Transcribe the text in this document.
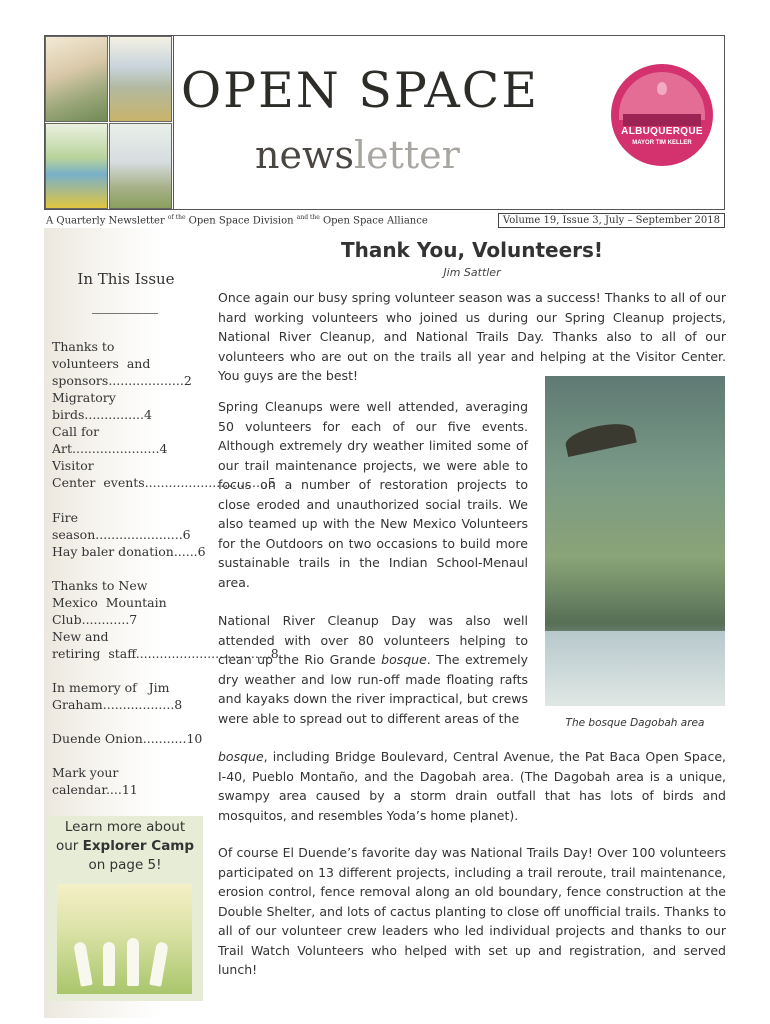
OPEN SPACE
newsletter
ALBUQUERQUE
MAYOR TIM KELLER
A Quarterly Newsletter $^{of the}$ Open Space Division $^{and the}$ Open Space Alliance	Volume 19, Issue 3, July – September 2018
In This Issue
Thanks to volunteers  and sponsors...................2
Migratory birds...............4
Call for Art......................4
Visitor Center  events...............................5
Fire season......................6
Hay baler donation......6
Thanks to New Mexico  Mountain Club............7
New and retiring  staff..................................8
In memory of   Jim Graham..................8
Duende Onion...........10
Mark your calendar....11
Learn more about
our Explorer Camp
on page 5!
Thank You, Volunteers!
Jim Sattler
Once again our busy spring volunteer season was a success! Thanks to all of our hard working volunteers who joined us during our Spring Cleanup projects, National River Cleanup, and National Trails Day. Thanks also to all of our volunteers who are out on the trails all year and helping at the Visitor Center. You guys are the best!
Spring Cleanups were well attended, averaging 50 volunteers for each of our five events. Although extremely dry weather limited some of our trail maintenance projects, we were able to focus on a number of restoration projects to close eroded and unauthorized social trails. We also teamed up with the New Mexico Volunteers for the Outdoors on two occasions to build more sustainable trails in the Indian School-Menaul area.
National River Cleanup Day was also well attended with over 80 volunteers helping to clean up the Rio Grande bosque. The extremely dry weather and low run-off made floating rafts and kayaks down the river impractical, but crews were able to spread out to different areas of the
bosque, including Bridge Boulevard, Central Avenue, the Pat Baca Open Space, I-40, Pueblo Montaño, and the Dagobah area. (The Dagobah area is a unique, swampy area caused by a storm drain outfall that has lots of birds and mosquitos, and resembles Yoda’s home planet).
Of course El Duende’s favorite day was National Trails Day! Over 100 volunteers participated on 13 different projects, including a trail reroute, trail maintenance, erosion control, fence removal along an old boundary, fence construction at the Double Shelter, and lots of cactus planting to close off unofficial trails. Thanks to all of our volunteer crew leaders who led individual projects and thanks to our Trail Watch Volunteers who helped with set up and registration, and served lunch!
The bosque Dagobah area
